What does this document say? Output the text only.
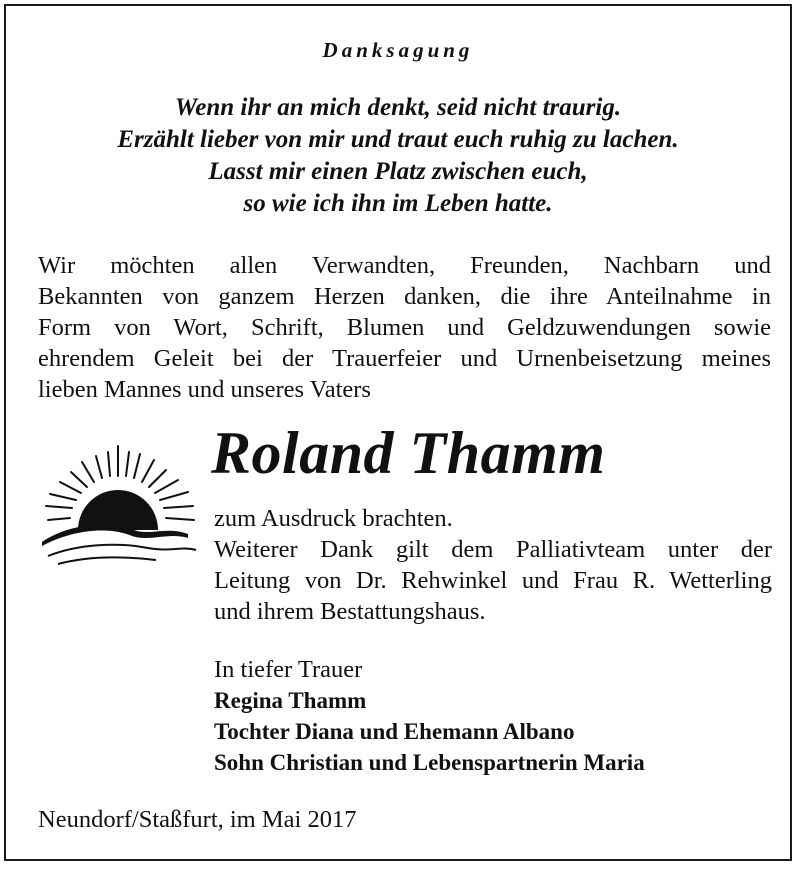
Danksagung
Wenn ihr an mich denkt, seid nicht traurig.
Erzählt lieber von mir und traut euch ruhig zu lachen.
Lasst mir einen Platz zwischen euch,
so wie ich ihn im Leben hatte.
Wir möchten allen Verwandten, Freunden, Nachbarn und
Bekannten von ganzem Herzen danken, die ihre Anteilnahme in
Form von Wort, Schrift, Blumen und Geldzuwendungen sowie
ehrendem Geleit bei der Trauerfeier und Urnenbeisetzung meines
lieben Mannes und unseres Vaters
Roland Thamm
zum Ausdruck brachten.
Weiterer Dank gilt dem Palliativteam unter der
Leitung von Dr. Rehwinkel und Frau R. Wetterling
und ihrem Bestattungshaus.
In tiefer Trauer
Regina Thamm
Tochter Diana und Ehemann Albano
Sohn Christian und Lebenspartnerin Maria
Neundorf/Staßfurt, im Mai 2017
